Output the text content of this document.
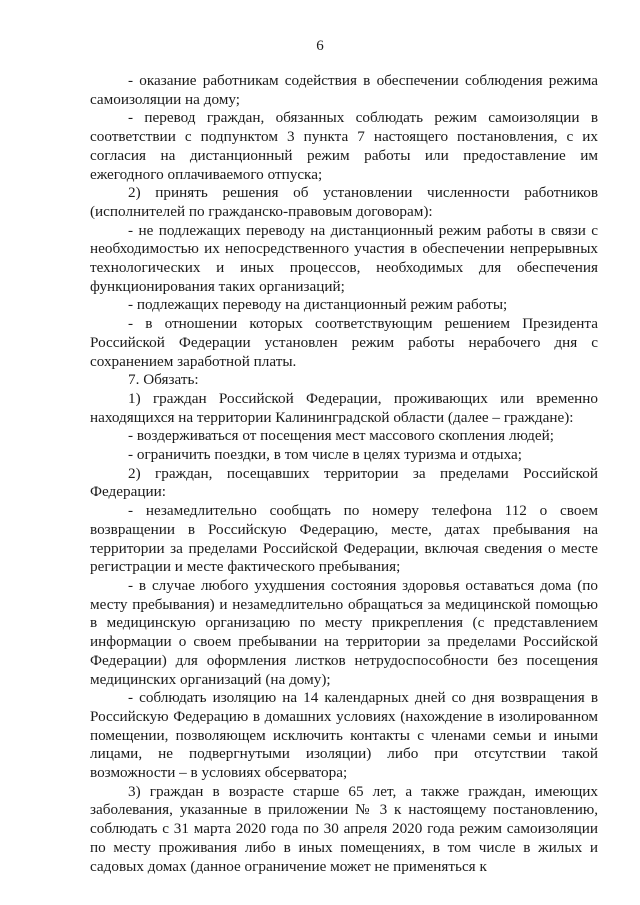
6

- оказание работникам содействия в обеспечении соблюдения режима самоизоляции на дому;

- перевод граждан, обязанных соблюдать режим самоизоляции в соответствии с подпунктом 3 пункта 7 настоящего постановления, с их согласия на дистанционный режим работы или предоставление им ежегодного оплачиваемого отпуска;

2) принять решения об установлении численности работников (исполнителей по гражданско-правовым договорам):

- не подлежащих переводу на дистанционный режим работы в связи с необходимостью их непосредственного участия в обеспечении непрерывных технологических и иных процессов, необходимых для обеспечения функционирования таких организаций;

- подлежащих переводу на дистанционный режим работы;

- в отношении которых соответствующим решением Президента Российской Федерации установлен режим работы нерабочего дня с сохранением заработной платы.

7. Обязать:

1) граждан Российской Федерации, проживающих или временно находящихся на территории Калининградской области (далее – граждане):

- воздерживаться от посещения мест массового скопления людей;

- ограничить поездки, в том числе в целях туризма и отдыха;

2) граждан, посещавших территории за пределами Российской Федерации:

- незамедлительно сообщать по номеру телефона 112 о своем возвращении в Российскую Федерацию, месте, датах пребывания на территории за пределами Российской Федерации, включая сведения о месте регистрации и месте фактического пребывания;

- в случае любого ухудшения состояния здоровья оставаться дома (по месту пребывания) и незамедлительно обращаться за медицинской помощью в медицинскую организацию по месту прикрепления (с представлением информации о своем пребывании на территории за пределами Российской Федерации) для оформления листков нетрудоспособности без посещения медицинских организаций (на дому);

- соблюдать изоляцию на 14 календарных дней со дня возвращения в Российскую Федерацию в домашних условиях (нахождение в изолированном помещении, позволяющем исключить контакты с членами семьи и иными лицами, не подвергнутыми изоляции) либо при отсутствии такой возможности – в условиях обсерватора;

3) граждан в возрасте старше 65 лет, а также граждан, имеющих заболевания, указанные в приложении № 3 к настоящему постановлению, соблюдать с 31 марта 2020 года по 30 апреля 2020 года режим самоизоляции по месту проживания либо в иных помещениях, в том числе в жилых и садовых домах (данное ограничение может не применяться к
